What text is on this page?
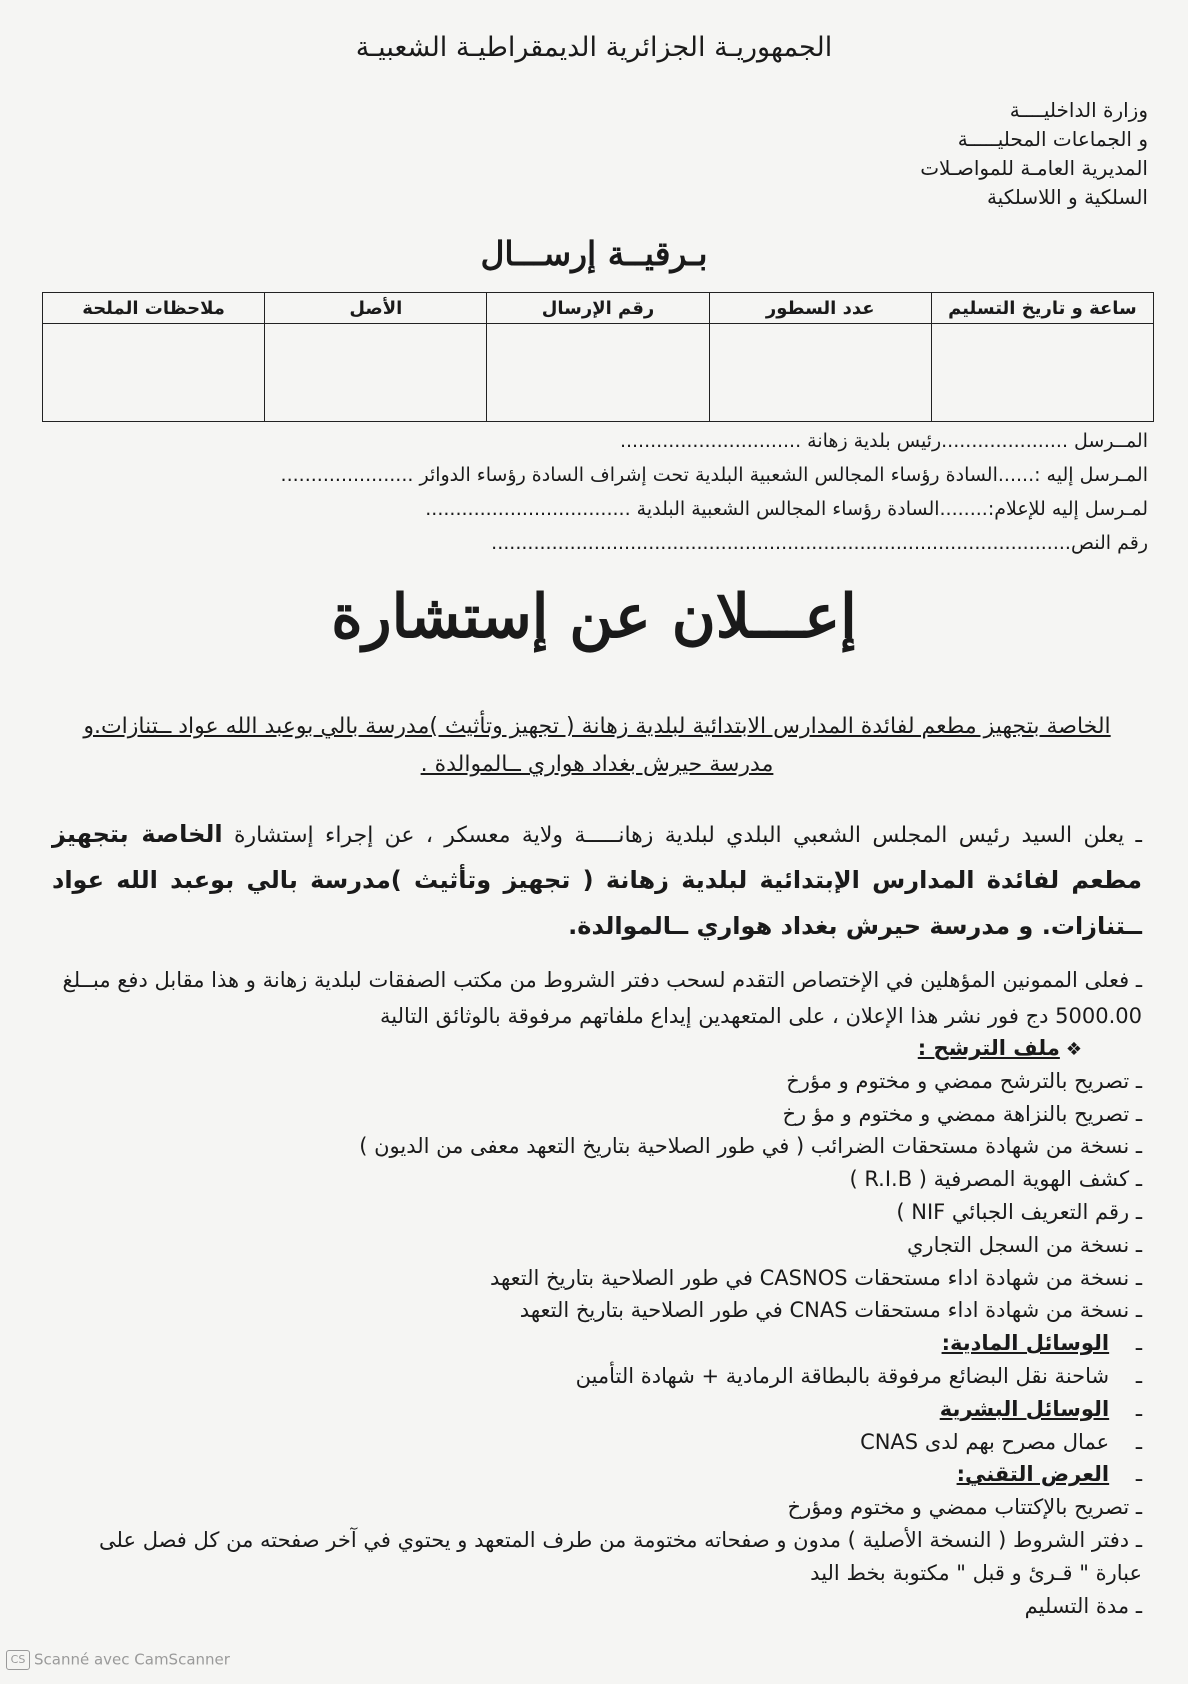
الجمهوريـة الجزائرية الديمقراطيـة الشعبيـة
وزارة الداخليــــة
و الجماعات المحليـــــة
المديرية العامـة للمواصـلات
السلكية و اللاسلكية
بـرقيــة إرســـال
ساعة و تاريخ التسليم	عدد السطور	رقم الإرسال	الأصل	ملاحظات الملحة

المــرسل .....................رئيس بلدية زهانة ..............................
المـرسل إليه :......السادة رؤساء المجالس الشعبية البلدية تحت إشراف السادة رؤساء الدوائر ......................
لمـرسل إليه للإعلام:........السادة رؤساء المجالس الشعبية البلدية ..................................
رقم النص................................................................................................
إعـــلان عن إستشارة
الخاصة بتجهيز مطعم لفائدة المدارس الابتدائية لبلدية زهانة ( تجهيز وتأثيث )مدرسة بالي بوعبد الله عواد ــتنازات.و مدرسة حيرش بغداد هواري ــالموالدة .
ـ يعلن السيد رئيس المجلس الشعبي البلدي لبلدية زهانـــــة ولاية معسكر ، عن إجراء إستشارة الخاصة بتجهيز مطعم لفائدة المدارس الإبتدائية لبلدية زهانة ( تجهيز وتأثيث )مدرسة بالي بوعبد الله عواد ــتنازات. و مدرسة حيرش بغداد هواري ــالموالدة.
ـ فعلى الممونين المؤهلين في الإختصاص التقدم لسحب دفتر الشروط من مكتب الصفقات لبلدية زهانة و هذا مقابل دفع مبــلغ 5000.00 دج فور نشر هذا الإعلان ، على المتعهدين إيداع ملفاتهم مرفوقة بالوثائق التالية
❖ملف الترشح :
ـ تصريح بالترشح ممضي و مختوم و مؤرخ
ـ تصريح بالنزاهة ممضي و مختوم و مؤ رخ
ـ نسخة من شهادة مستحقات الضرائب ( في طور الصلاحية بتاريخ التعهد معفى من الديون )
ـ كشف الهوية المصرفية ( R.I.B )
ـ رقم التعريف الجبائي NIF )
ـ نسخة من السجل التجاري
ـ نسخة من شهادة اداء مستحقات CASNOS في طور الصلاحية بتاريخ التعهد
ـ نسخة من شهادة اداء مستحقات CNAS في طور الصلاحية بتاريخ التعهد
ـ    الوسائل المادية:
ـ    شاحنة نقل البضائع مرفوقة بالبطاقة الرمادية + شهادة التأمين
ـ    الوسائل البشرية
ـ    عمال مصرح بهم لدى CNAS
ـ    العرض التقني:
ـ تصريح بالإكتتاب ممضي و مختوم ومؤرخ
ـ دفتر الشروط ( النسخة الأصلية ) مدون و صفحاته مختومة من طرف المتعهد و يحتوي في آخر صفحته من كل فصل على عبارة " قـرئ و قبل " مكتوبة بخط اليد
ـ مدة التسليم
CS Scanné avec CamScanner
